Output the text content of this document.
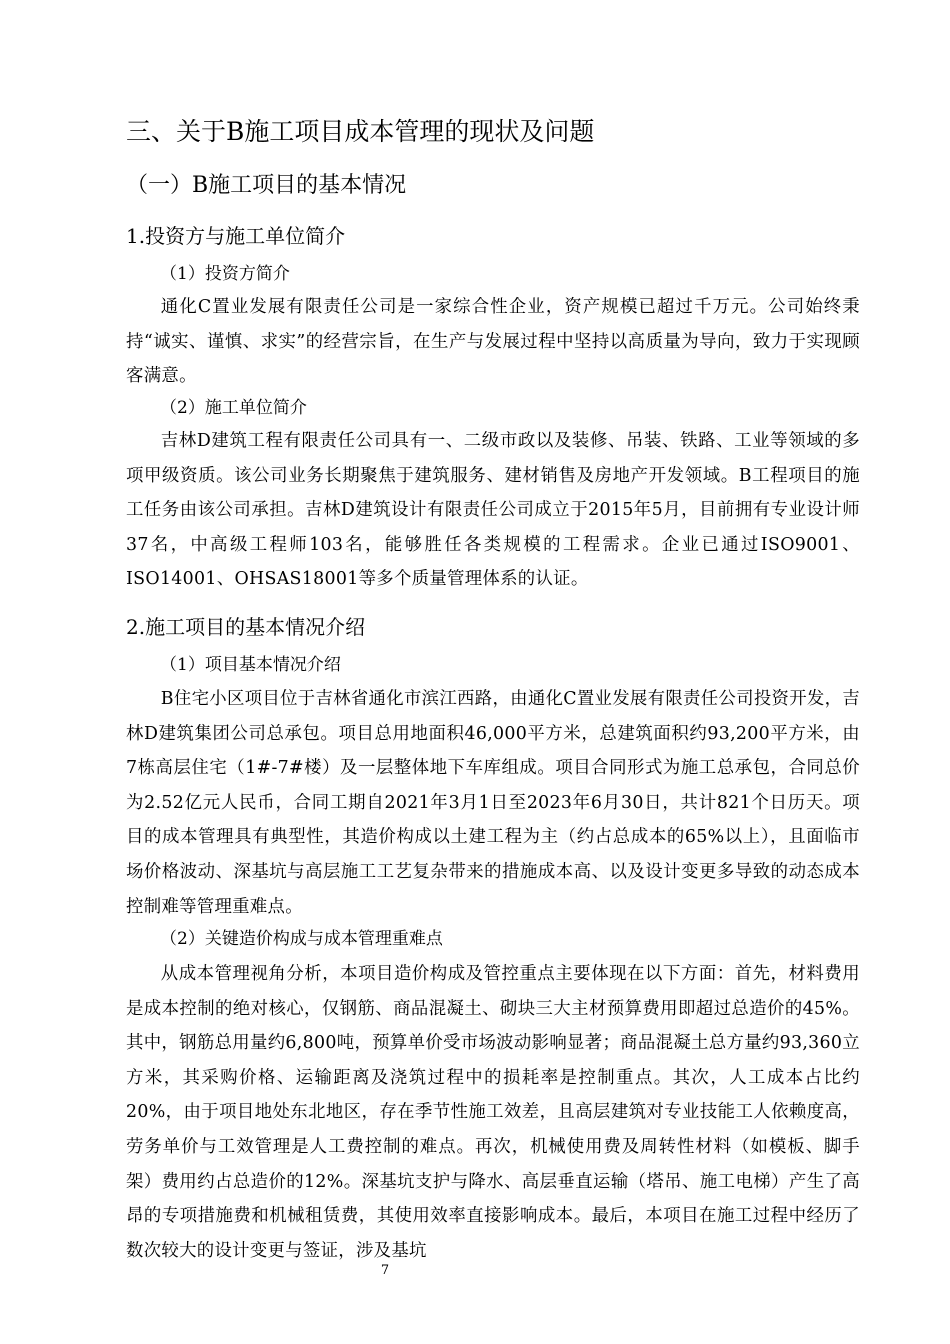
三、关于B施工项目成本管理的现状及问题
（一）B施工项目的基本情况
1.投资方与施工单位简介
（1）投资方简介
通化C置业发展有限责任公司是一家综合性企业，资产规模已超过千万元。公司始终秉持“诚实、谨慎、求实”的经营宗旨，在生产与发展过程中坚持以高质量为导向，致力于实现顾客满意。
（2）施工单位简介
吉林D建筑工程有限责任公司具有一、二级市政以及装修、吊装、铁路、工业等领域的多项甲级资质。该公司业务长期聚焦于建筑服务、建材销售及房地产开发领域。B工程项目的施工任务由该公司承担。吉林D建筑设计有限责任公司成立于2015年5月，目前拥有专业设计师37名，中高级工程师103名，能够胜任各类规模的工程需求。企业已通过ISO9001、ISO14001、OHSAS18001等多个质量管理体系的认证。
2.施工项目的基本情况介绍
（1）项目基本情况介绍
B住宅小区项目位于吉林省通化市滨江西路，由通化C置业发展有限责任公司投资开发，吉林D建筑集团公司总承包。项目总用地面积46,000平方米，总建筑面积约93,200平方米，由7栋高层住宅（1#-7#楼）及一层整体地下车库组成。项目合同形式为施工总承包，合同总价为2.52亿元人民币，合同工期自2021年3月1日至2023年6月30日，共计821个日历天。项目的成本管理具有典型性，其造价构成以土建工程为主（约占总成本的65%以上），且面临市场价格波动、深基坑与高层施工工艺复杂带来的措施成本高、以及设计变更多导致的动态成本控制难等管理重难点。
（2）关键造价构成与成本管理重难点
从成本管理视角分析，本项目造价构成及管控重点主要体现在以下方面：首先，材料费用是成本控制的绝对核心，仅钢筋、商品混凝土、砌块三大主材预算费用即超过总造价的45%。其中，钢筋总用量约6,800吨，预算单价受市场波动影响显著；商品混凝土总方量约93,360立方米，其采购价格、运输距离及浇筑过程中的损耗率是控制重点。其次，人工成本占比约20%，由于项目地处东北地区，存在季节性施工效差，且高层建筑对专业技能工人依赖度高，劳务单价与工效管理是人工费控制的难点。再次，机械使用费及周转性材料（如模板、脚手架）费用约占总造价的12%。深基坑支护与降水、高层垂直运输（塔吊、施工电梯）产生了高昂的专项措施费和机械租赁费，其使用效率直接影响成本。最后，本项目在施工过程中经历了数次较大的设计变更与签证，涉及基坑
7
